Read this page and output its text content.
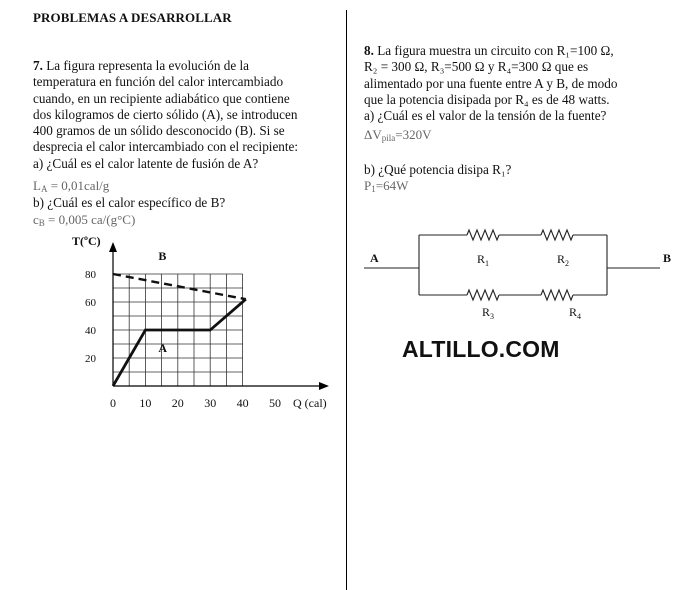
PROBLEMAS A DESARROLLAR
7. La figura representa la evolución de la
temperatura en función del calor intercambiado
cuando, en un recipiente adiabático que contiene
dos kilogramos de cierto sólido (A), se introducen
400 gramos de un sólido desconocido (B). Si se
desprecia el calor intercambiado con el recipiente:
a) ¿Cuál es el calor latente de fusión de A?
$L_A = 0,01cal/g$
b) ¿Cuál es el calor específico de B?
$c_B = 0,005$ ca/(g°C)
0 10 20 30 40 50
20
40
60
80
T(ºC)
Q (cal)
A
B
8. La figura muestra un circuito con R₁=100 Ω,
R₂ = 300 Ω, R₃=500 Ω y R₄=300 Ω que es
alimentado por una fuente entre A y B, de modo
que la potencia disipada por R₄ es de 48 watts.
a) ¿Cuál es el valor de la tensión de la fuente?
$\Delta V_{pila}=320V$
b) ¿Qué potencia disipa R₁?
$P_1=64W$
A	B
$R_1$	$R_2$
$R_3$	$R_4$
ALTILLO.COM
